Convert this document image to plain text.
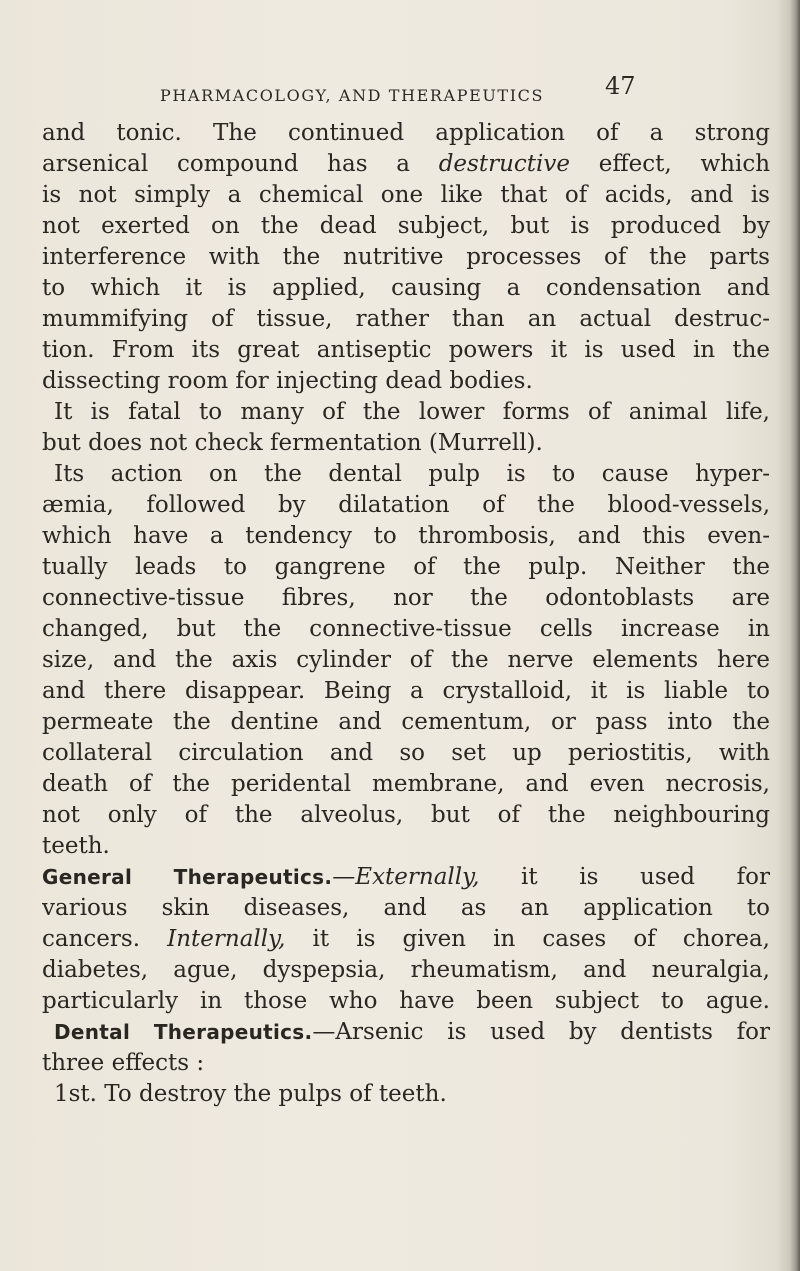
PHARMACOLOGY, AND THERAPEUTICS	47
and tonic. The continued application of a strong
arsenical compound has a destructive effect, which
is not simply a chemical one like that of acids, and is
not exerted on the dead subject, but is produced by
interference with the nutritive processes of the parts
to which it is applied, causing a condensation and
mummifying of tissue, rather than an actual destruc-
tion. From its great antiseptic powers it is used in the
dissecting room for injecting dead bodies.
It is fatal to many of the lower forms of animal life,
but does not check fermentation (Murrell).
Its action on the dental pulp is to cause hyper-
æmia, followed by dilatation of the blood-vessels,
which have a tendency to thrombosis, and this even-
tually leads to gangrene of the pulp. Neither the
connective-tissue fibres, nor the odontoblasts are
changed, but the connective-tissue cells increase in
size, and the axis cylinder of the nerve elements here
and there disappear. Being a crystalloid, it is liable to
permeate the dentine and cementum, or pass into the
collateral circulation and so set up periostitis, with
death of the peridental membrane, and even necrosis,
not only of the alveolus, but of the neighbouring
teeth.
General Therapeutics.—Externally, it is used for
various skin diseases, and as an application to
cancers. Internally, it is given in cases of chorea,
diabetes, ague, dyspepsia, rheumatism, and neuralgia,
particularly in those who have been subject to ague.
Dental Therapeutics.—Arsenic is used by dentists for
three effects :
1st. To destroy the pulps of teeth.
